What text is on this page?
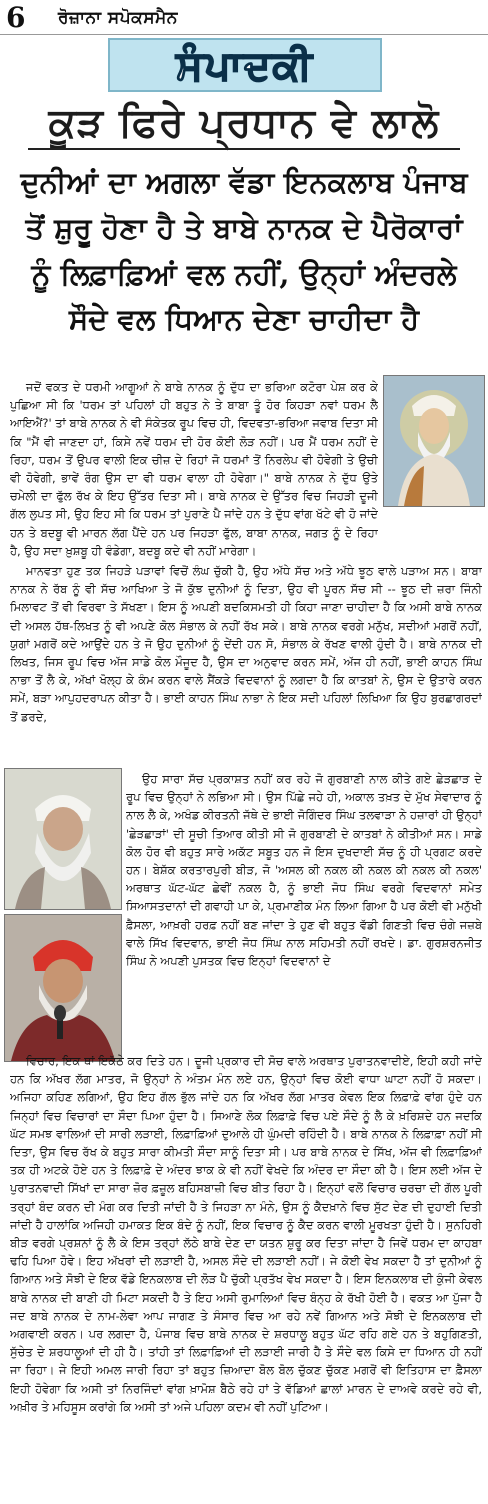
6 ਰੋਜ਼ਾਨਾ ਸਪੋਕਸਮੈਨ
ਸੰਪਾਦਕੀ
ਕੂੜ ਫਿਰੇ ਪ੍ਰਧਾਨ ਵੇ ਲਾਲੋ
ਦੁਨੀਆਂ ਦਾ ਅਗਲਾ ਵੱਡਾ ਇਨਕਲਾਬ ਪੰਜਾਬ ਤੋਂ ਸ਼ੁਰੂ ਹੋਣਾ ਹੈ ਤੇ ਬਾਬੇ ਨਾਨਕ ਦੇ ਪੈਰੋਕਾਰਾਂ ਨੂੰ ਲਿਫ਼ਾਫ਼ਿਆਂ ਵਲ ਨਹੀਂ, ਉਨ੍ਹਾਂ ਅੰਦਰਲੇ ਸੌਦੇ ਵਲ ਧਿਆਨ ਦੇਣਾ ਚਾਹੀਦਾ ਹੈ

ਜਦੋਂ ਵਕਤ ਦੇ ਧਰਮੀ ਆਗੂਆਂ ਨੇ ਬਾਬੇ ਨਾਨਕ ਨੂੰ ਦੁੱਧ ਦਾ ਭਰਿਆ ਕਟੋਰਾ ਪੇਸ਼ ਕਰ ਕੇ ਪੁਛਿਆ ਸੀ ਕਿ 'ਧਰਮ ਤਾਂ ਪਹਿਲਾਂ ਹੀ ਬਹੁਤ ਨੇ ਤੇ ਬਾਬਾ ਤੂੰ ਹੋਰ ਕਿਹੜਾ ਨਵਾਂ ਧਰਮ ਲੈ ਆਇਐਂ?' ਤਾਂ ਬਾਬੇ ਨਾਨਕ ਨੇ ਵੀ ਸੰਕੇਤਕ ਰੂਪ ਵਿਚ ਹੀ, ਵਿਦਵਤਾ-ਭਰਿਆ ਜਵਾਬ ਦਿਤਾ ਸੀ ਕਿ "ਮੈਂ ਵੀ ਜਾਣਦਾ ਹਾਂ, ਕਿਸੇ ਨਵੇਂ ਧਰਮ ਦੀ ਹੋਰ ਕੋਈ ਲੋੜ ਨਹੀਂ। ਪਰ ਮੈਂ ਧਰਮ ਨਹੀਂ ਦੇ ਰਿਹਾ, ਧਰਮ ਤੋਂ ਉਪਰ ਵਾਲੀ ਇਕ ਚੀਜ਼ ਦੇ ਰਿਹਾਂ ਜੋ ਧਰਮਾਂ ਤੋਂ ਨਿਰਲੇਪ ਵੀ ਹੋਵੇਗੀ ਤੇ ਉਚੀ ਵੀ ਹੋਵੇਗੀ, ਭਾਵੇਂ ਰੰਗ ਉਸ ਦਾ ਵੀ ਧਰਮ ਵਾਲਾ ਹੀ ਹੋਵੇਗਾ।" ਬਾਬੇ ਨਾਨਕ ਨੇ ਦੁੱਧ ਉਤੇ ਚਮੇਲੀ ਦਾ ਫੁੱਲ ਰੱਖ ਕੇ ਇਹ ਉੱਤਰ ਦਿਤਾ ਸੀ। ਬਾਬੇ ਨਾਨਕ ਦੇ ਉੱਤਰ ਵਿਚ ਜਿਹੜੀ ਦੂਜੀ ਗੱਲ ਲੁਪਤ ਸੀ, ਉਹ ਇਹ ਸੀ ਕਿ ਧਰਮ ਤਾਂ ਪੁਰਾਣੇ ਪੈ ਜਾਂਦੇ ਹਨ ਤੇ ਦੁੱਧ ਵਾਂਗ ਖੱਟੇ ਵੀ ਹੋ ਜਾਂਦੇ ਹਨ ਤੇ ਬਦਬੂ ਵੀ ਮਾਰਨ ਲੱਗ ਪੈਂਦੇ ਹਨ ਪਰ ਜਿਹੜਾ ਫੁੱਲ, ਬਾਬਾ ਨਾਨਕ, ਜਗਤ ਨੂੰ ਦੇ ਰਿਹਾ ਹੈ, ਉਹ ਸਦਾ ਖ਼ੁਸ਼ਬੂ ਹੀ ਵੰਡੇਗਾ, ਬਦਬੂ ਕਦੇ ਵੀ ਨਹੀਂ ਮਾਰੇਗਾ।

ਮਾਨਵਤਾ ਹੁਣ ਤਕ ਜਿਹੜੇ ਪੜਾਵਾਂ ਵਿਚੋਂ ਲੰਘ ਚੁੱਕੀ ਹੈ, ਉਹ ਅੱਧੇ ਸੱਚ ਅਤੇ ਅੱਧੇ ਝੂਠ ਵਾਲੇ ਪੜਾਅ ਸਨ। ਬਾਬਾ ਨਾਨਕ ਨੇ ਰੱਬ ਨੂੰ ਵੀ ਸੱਚ ਆਖਿਆ ਤੇ ਜੋ ਕੁੱਝ ਦੁਨੀਆਂ ਨੂੰ ਦਿਤਾ, ਉਹ ਵੀ ਪੂਰਨ ਸੱਚ ਸੀ -- ਝੂਠ ਦੀ ਜ਼ਰਾ ਜਿੰਨੀ ਮਿਲਾਵਟ ਤੋਂ ਵੀ ਵਿਰਵਾ ਤੇ ਸੱਖਣਾ। ਇਸ ਨੂੰ ਅਪਣੀ ਬਦਕਿਸਮਤੀ ਹੀ ਕਿਹਾ ਜਾਣਾ ਚਾਹੀਦਾ ਹੈ ਕਿ ਅਸੀ ਬਾਬੇ ਨਾਨਕ ਦੀ ਅਸਲ ਹੱਥ-ਲਿਖਤ ਨੂੰ ਵੀ ਅਪਣੇ ਕੋਲ ਸੰਭਾਲ ਕੇ ਨਹੀਂ ਰੱਖ ਸਕੇ। ਬਾਬੇ ਨਾਨਕ ਵਰਗੇ ਮਨੁੱਖ, ਸਦੀਆਂ ਮਗਰੋਂ ਨਹੀਂ, ਯੁਗਾਂ ਮਗਰੋਂ ਕਦੇ ਆਉਂਦੇ ਹਨ ਤੇ ਜੋ ਉਹ ਦੁਨੀਆਂ ਨੂੰ ਦੇਂਦੀ ਹਨ ਸੋ, ਸੰਭਾਲ ਕੇ ਰੱਖਣ ਵਾਲੀ ਹੁੰਦੀ ਹੈ। ਬਾਬੇ ਨਾਨਕ ਦੀ ਲਿਖਤ, ਜਿਸ ਰੂਪ ਵਿਚ ਅੱਜ ਸਾਡੇ ਕੋਲ ਮੌਜੂਦ ਹੈ, ਉਸ ਦਾ ਅਨੁਵਾਦ ਕਰਨ ਸਮੇਂ, ਅੱਜ ਹੀ ਨਹੀਂ, ਭਾਈ ਕਾਹਨ ਸਿੰਘ ਨਾਭਾ ਤੋਂ ਲੈ ਕੇ, ਅੱਖਾਂ ਖੋਲ੍ਹ ਕੇ ਕੰਮ ਕਰਨ ਵਾਲੇ ਸੈਂਕੜੇ ਵਿਦਵਾਨਾਂ ਨੂੰ ਲਗਦਾ ਹੈ ਕਿ ਕਾਤਬਾਂ ਨੇ, ਉਸ ਦੇ ਉਤਾਰੇ ਕਰਨ ਸਮੇਂ, ਬੜਾ ਆਪੁਹਦਰਾਪਨ ਕੀਤਾ ਹੈ। ਭਾਈ ਕਾਹਨ ਸਿੰਘ ਨਾਭਾ ਨੇ ਇਕ ਸਦੀ ਪਹਿਲਾਂ ਲਿਖਿਆ ਕਿ ਉਹ ਬੁਰਛਾਗਰਦਾਂ ਤੋਂ ਡਰਦੇ,

ਉਹ ਸਾਰਾ ਸੱਚ ਪ੍ਰਕਾਸ਼ਤ ਨਹੀਂ ਕਰ ਰਹੇ ਜੋ ਗੁਰਬਾਣੀ ਨਾਲ ਕੀਤੇ ਗਏ ਛੇੜਛਾੜ ਦੇ ਰੂਪ ਵਿਚ ਉਨ੍ਹਾਂ ਨੇ ਲਭਿਆ ਸੀ। ਉਸ ਪਿੱਛੇ ਜਹੇ ਹੀ, ਅਕਾਲ ਤਖ਼ਤ ਦੇ ਮੁੱਖ ਸੇਵਾਦਾਰ ਨੂੰ ਨਾਲ ਲੈ ਕੇ, ਅਖੰਡ ਕੀਰਤਨੀ ਜੱਥੇ ਦੇ ਭਾਈ ਜੋਗਿੰਦਰ ਸਿੰਘ ਤਲਵਾੜਾ ਨੇ ਹਜ਼ਾਰਾਂ ਹੀ ਉਨ੍ਹਾਂ 'ਛੇੜਛਾੜਾਂ' ਦੀ ਸੂਚੀ ਤਿਆਰ ਕੀਤੀ ਸੀ ਜੋ ਗੁਰਬਾਣੀ ਦੇ ਕਾਤਬਾਂ ਨੇ ਕੀਤੀਆਂ ਸਨ। ਸਾਡੇ ਕੋਲ ਹੋਰ ਵੀ ਬਹੁਤ ਸਾਰੇ ਅਕੱਟ ਸਬੂਤ ਹਨ ਜੋ ਇਸ ਦੁਖਦਾਈ ਸੱਚ ਨੂੰ ਹੀ ਪ੍ਰਗਟ ਕਰਦੇ ਹਨ। ਬੇਸ਼ੱਕ ਕਰਤਾਰਪੁਰੀ ਬੀੜ, ਜੋ 'ਅਸਲ ਕੀ ਨਕਲ ਕੀ ਨਕਲ ਕੀ ਨਕਲ ਕੀ ਨਕਲ' ਅਰਥਾਤ ਘੱਟ-ਘੱਟ ਛੇਵੀਂ ਨਕਲ ਹੈ, ਨੂੰ ਭਾਈ ਜੋਧ ਸਿੰਘ ਵਰਗੇ ਵਿਦਵਾਨਾਂ ਸਮੇਤ ਸਿਆਸਤਦਾਨਾਂ ਦੀ ਗਵਾਹੀ ਪਾ ਕੇ, ਪ੍ਰਮਾਣੀਕ ਮੰਨ ਲਿਆ ਗਿਆ ਹੈ ਪਰ ਕੋਈ ਵੀ ਮਨੁੱਖੀ ਫ਼ੈਸਲਾ, ਆਖ਼ਰੀ ਹਰਫ਼ ਨਹੀਂ ਬਣ ਜਾਂਦਾ ਤੇ ਹੁਣ ਵੀ ਬਹੁਤ ਵੱਡੀ ਗਿਣਤੀ ਵਿਚ ਚੰਗੇ ਜਜ਼ਬੇ ਵਾਲੇ ਸਿੱਖ ਵਿਦਵਾਨ, ਭਾਈ ਜੋਧ ਸਿੰਘ ਨਾਲ ਸਹਿਮਤੀ ਨਹੀਂ ਰਖਦੇ। ਡਾ. ਗੁਰਸ਼ਰਨਜੀਤ ਸਿੰਘ ਨੇ ਅਪਣੀ ਪੁਸਤਕ ਵਿਚ ਇਨ੍ਹਾਂ ਵਿਦਵਾਨਾਂ ਦੇ

ਵਿਚਾਰ, ਇਕ ਥਾਂ ਇਕੱਠੇ ਕਰ ਦਿਤੇ ਹਨ। ਦੂਜੀ ਪ੍ਰਕਾਰ ਦੀ ਸੋਚ ਵਾਲੇ ਅਰਥਾਤ ਪੁਰਾਤਨਵਾਦੀਏ, ਇਹੀ ਕਹੀ ਜਾਂਦੇ ਹਨ ਕਿ ਅੱਖਰ ਲੱਗ ਮਾਤਰ, ਜੋ ਉਨ੍ਹਾਂ ਨੇ ਅੰਤਮ ਮੰਨ ਲਏ ਹਨ, ਉਨ੍ਹਾਂ ਵਿਚ ਕੋਈ ਵਾਧਾ ਘਾਟਾ ਨਹੀਂ ਹੋ ਸਕਦਾ। ਅਜਿਹਾ ਕਹਿਣ ਲਗਿਆਂ, ਉਹ ਇਹ ਗੱਲ ਭੁੱਲ ਜਾਂਦੇ ਹਨ ਕਿ ਅੱਖਰ ਲੱਗ ਮਾਤਰ ਕੇਵਲ ਇਕ ਲਿਫ਼ਾਫ਼ੇ ਵਾਂਗ ਹੁੰਦੇ ਹਨ ਜਿਨ੍ਹਾਂ ਵਿਚ ਵਿਚਾਰਾਂ ਦਾ ਸੌਦਾ ਪਿਆ ਹੁੰਦਾ ਹੈ। ਸਿਆਣੇ ਲੋਕ ਲਿਫ਼ਾਫ਼ੇ ਵਿਚ ਪਏ ਸੌਦੇ ਨੂੰ ਲੈ ਕੇ ਖ਼ਰਿਸ਼ਦੇ ਹਨ ਜਦਕਿ ਘੱਟ ਸਮਝ ਵਾਲਿਆਂ ਦੀ ਸਾਰੀ ਲੜਾਈ, ਲਿਫ਼ਾਫ਼ਿਆਂ ਦੁਆਲੇ ਹੀ ਘੁੰਮਦੀ ਰਹਿੰਦੀ ਹੈ। ਬਾਬੇ ਨਾਨਕ ਨੇ ਲਿਫ਼ਾਫ਼ਾ ਨਹੀਂ ਸੀ ਦਿਤਾ, ਉਸ ਵਿਚ ਰੱਖ ਕੇ ਬਹੁਤ ਸਾਰਾ ਕੀਮਤੀ ਸੌਦਾ ਸਾਨੂੰ ਦਿਤਾ ਸੀ। ਪਰ ਬਾਬੇ ਨਾਨਕ ਦੇ ਸਿੱਖ, ਅੱਜ ਵੀ ਲਿਫ਼ਾਫ਼ਿਆਂ ਤਕ ਹੀ ਅਟਕੇ ਹੋਏ ਹਨ ਤੇ ਲਿਫ਼ਾਫ਼ੇ ਦੇ ਅੰਦਰ ਝਾਕ ਕੇ ਵੀ ਨਹੀਂ ਵੇਖਦੇ ਕਿ ਅੰਦਰ ਦਾ ਸੌਦਾ ਕੀ ਹੈ। ਇਸ ਲਈ ਅੱਜ ਦੇ ਪੁਰਾਤਨਵਾਦੀ ਸਿੱਖਾਂ ਦਾ ਸਾਰਾ ਜ਼ੋਰ ਫ਼ਜ਼ੂਲ ਬਹਿਸਬਾਜ਼ੀ ਵਿਚ ਬੀਤ ਰਿਹਾ ਹੈ। ਇਨ੍ਹਾਂ ਵਲੋਂ ਵਿਚਾਰ ਚਰਚਾ ਦੀ ਗੱਲ ਪੂਰੀ ਤਰ੍ਹਾਂ ਬੰਦ ਕਰਨ ਦੀ ਮੰਗ ਕਰ ਦਿਤੀ ਜਾਂਦੀ ਹੈ ਤੇ ਜਿਹੜਾ ਨਾ ਮੰਨੇ, ਉਸ ਨੂੰ ਕੈਦਖ਼ਾਨੇ ਵਿਚ ਸੁੱਟ ਦੇਣ ਦੀ ਦੁਹਾਈ ਦਿਤੀ ਜਾਂਦੀ ਹੈ ਹਾਲਾਂਕਿ ਅਜਿਹੀ ਹਮਾਕਤ ਇਕ ਬੰਦੇ ਨੂੰ ਨਹੀਂ, ਇਕ ਵਿਚਾਰ ਨੂੰ ਕੈਦ ਕਰਨ ਵਾਲੀ ਮੂਰਖਤਾ ਹੁੰਦੀ ਹੈ। ਸੁਨਹਿਰੀ ਬੀੜ ਵਰਗੇ ਪ੍ਰਸ਼ਨਾਂ ਨੂੰ ਲੈ ਕੇ ਇਸ ਤਰ੍ਹਾਂ ਲੱਠੇ ਬਾਬੇ ਦੇਣ ਦਾ ਯਤਨ ਸ਼ੁਰੂ ਕਰ ਦਿਤਾ ਜਾਂਦਾ ਹੈ ਜਿਵੇਂ ਧਰਮ ਦਾ ਕਾਹਬਾ ਢਹਿ ਪਿਆ ਹੋਵੇ। ਇਹ ਅੱਖਰਾਂ ਦੀ ਲੜਾਈ ਹੈ, ਅਸਲ ਸੌਦੇ ਦੀ ਲੜਾਈ ਨਹੀਂ। ਜੇ ਕੋਈ ਵੇਖ ਸਕਦਾ ਹੈ ਤਾਂ ਦੁਨੀਆਂ ਨੂੰ ਗਿਆਨ ਅਤੇ ਸੋਝੀ ਦੇ ਇਕ ਵੱਡੇ ਇਨਕਲਾਬ ਦੀ ਲੋੜ ਪੈ ਚੁੱਕੀ ਪ੍ਰਤੱਖ ਵੇਖ ਸਕਦਾ ਹੈ। ਇਸ ਇਨਕਲਾਬ ਦੀ ਕੁੰਜੀ ਕੇਵਲ ਬਾਬੇ ਨਾਨਕ ਦੀ ਬਾਣੀ ਹੀ ਮਿਟਾ ਸਕਦੀ ਹੈ ਤੇ ਇਹ ਅਸੀ ਰੁਮਾਲਿਆਂ ਵਿਚ ਬੰਨ੍ਹ ਕੇ ਰੱਖੀ ਹੋਈ ਹੈ। ਵਕਤ ਆ ਪੁੱਜਾ ਹੈ ਜਦ ਬਾਬੇ ਨਾਨਕ ਦੇ ਨਾਮ-ਲੇਵਾ ਆਪ ਜਾਗਣ ਤੇ ਸੰਸਾਰ ਵਿਚ ਆ ਰਹੇ ਨਵੇਂ ਗਿਆਨ ਅਤੇ ਸੋਝੀ ਦੇ ਇਨਕਲਾਬ ਦੀ ਅਗਵਾਈ ਕਰਨ। ਪਰ ਲਗਦਾ ਹੈ, ਪੰਜਾਬ ਵਿਚ ਬਾਬੇ ਨਾਨਕ ਦੇ ਸ਼ਰਧਾਲੂ ਬਹੁਤ ਘੱਟ ਰਹਿ ਗਏ ਹਨ ਤੇ ਬਹੁਗਿਣਤੀ, ਸੁੱਚੇਤ ਦੇ ਸ਼ਰਧਾਲੂਆਂ ਦੀ ਹੀ ਹੈ। ਤਾਂਹੀ ਤਾਂ ਲਿਫ਼ਾਫ਼ਿਆਂ ਦੀ ਲੜਾਈ ਜਾਰੀ ਹੈ ਤੇ ਸੌਦੇ ਵਲ ਕਿਸੇ ਦਾ ਧਿਆਨ ਹੀ ਨਹੀਂ ਜਾ ਰਿਹਾ। ਜੇ ਇਹੀ ਅਮਲ ਜਾਰੀ ਰਿਹਾ ਤਾਂ ਬਹੁਤ ਜ਼ਿਆਦਾ ਬੋਲ ਬੋਲ ਚੁੱਕਣ ਚੁੱਕਣ ਮਗਰੋਂ ਵੀ ਇਤਿਹਾਸ ਦਾ ਫ਼ੈਸਲਾ ਇਹੀ ਹੋਵੇਗਾ ਕਿ ਅਸੀ ਤਾਂ ਨਿਰਜਿੰਦਾਂ ਵਾਂਗ ਖ਼ਾਮੋਸ਼ ਬੈਠੇ ਰਹੇ ਹਾਂ ਤੇ ਵੱਡਿਆਂ ਛਾਲਾਂ ਮਾਰਨ ਦੇ ਦਾਅਵੇ ਕਰਦੇ ਰਹੇ ਵੀ, ਅਖ਼ੀਰ ਤੇ ਮਹਿਸੂਸ ਕਰਾਂਗੇ ਕਿ ਅਸੀ ਤਾਂ ਅਜੇ ਪਹਿਲਾ ਕਦਮ ਵੀ ਨਹੀਂ ਪੁਟਿਆ।
